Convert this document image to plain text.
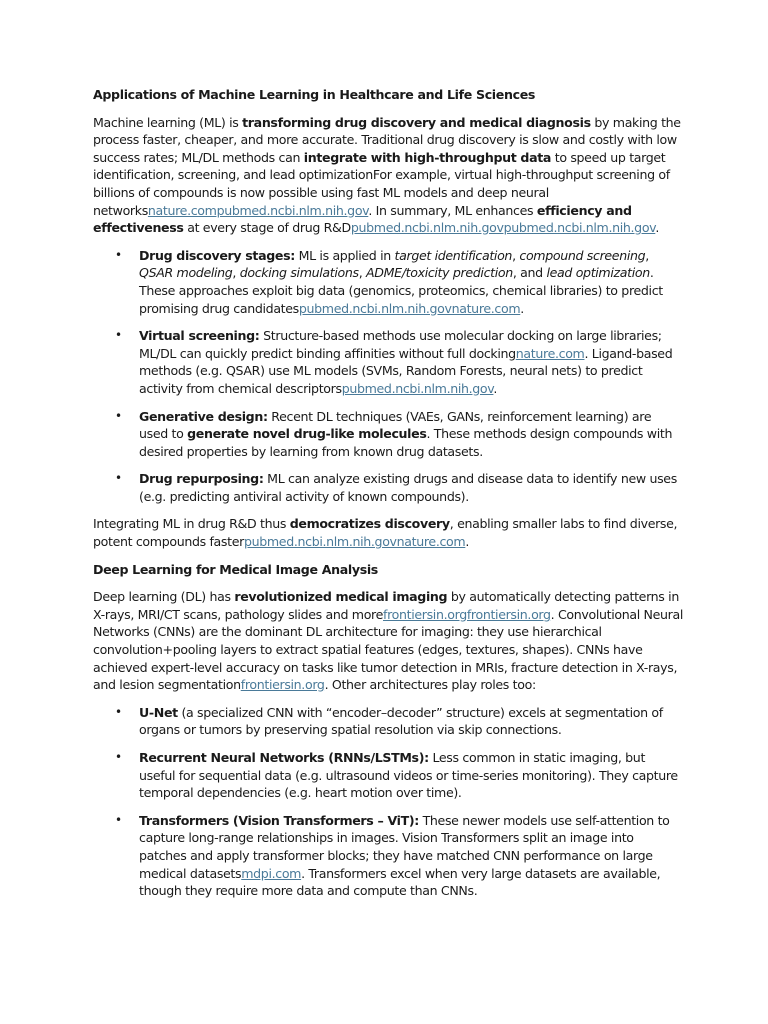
Applications of Machine Learning in Healthcare and Life Sciences

Machine learning (ML) is transforming drug discovery and medical diagnosis by making the process faster, cheaper, and more accurate. Traditional drug discovery is slow and costly with low success rates; ML/DL methods can integrate with high-throughput data to speed up target identification, screening, and lead optimizationFor example, virtual high-throughput screening of billions of compounds is now possible using fast ML models and deep neural networksnature.compubmed.ncbi.nlm.nih.gov. In summary, ML enhances efficiency and effectiveness at every stage of drug R&Dpubmed.ncbi.nlm.nih.govpubmed.ncbi.nlm.nih.gov.

• Drug discovery stages: ML is applied in target identification, compound screening, QSAR modeling, docking simulations, ADME/toxicity prediction, and lead optimization. These approaches exploit big data (genomics, proteomics, chemical libraries) to predict promising drug candidatespubmed.ncbi.nlm.nih.govnature.com.
• Virtual screening: Structure-based methods use molecular docking on large libraries; ML/DL can quickly predict binding affinities without full dockingnature.com. Ligand-based methods (e.g. QSAR) use ML models (SVMs, Random Forests, neural nets) to predict activity from chemical descriptorspubmed.ncbi.nlm.nih.gov.
• Generative design: Recent DL techniques (VAEs, GANs, reinforcement learning) are used to generate novel drug-like molecules. These methods design compounds with desired properties by learning from known drug datasets.
• Drug repurposing: ML can analyze existing drugs and disease data to identify new uses (e.g. predicting antiviral activity of known compounds).

Integrating ML in drug R&D thus democratizes discovery, enabling smaller labs to find diverse, potent compounds fasterpubmed.ncbi.nlm.nih.govnature.com.

Deep Learning for Medical Image Analysis

Deep learning (DL) has revolutionized medical imaging by automatically detecting patterns in X-rays, MRI/CT scans, pathology slides and morefrontiersin.orgfrontiersin.org. Convolutional Neural Networks (CNNs) are the dominant DL architecture for imaging: they use hierarchical convolution+pooling layers to extract spatial features (edges, textures, shapes). CNNs have achieved expert-level accuracy on tasks like tumor detection in MRIs, fracture detection in X-rays, and lesion segmentationfrontiersin.org. Other architectures play roles too:

• U-Net (a specialized CNN with “encoder–decoder” structure) excels at segmentation of organs or tumors by preserving spatial resolution via skip connections.
• Recurrent Neural Networks (RNNs/LSTMs): Less common in static imaging, but useful for sequential data (e.g. ultrasound videos or time-series monitoring). They capture temporal dependencies (e.g. heart motion over time).
• Transformers (Vision Transformers – ViT): These newer models use self-attention to capture long-range relationships in images. Vision Transformers split an image into patches and apply transformer blocks; they have matched CNN performance on large medical datasetsmdpi.com. Transformers excel when very large datasets are available, though they require more data and compute than CNNs.
